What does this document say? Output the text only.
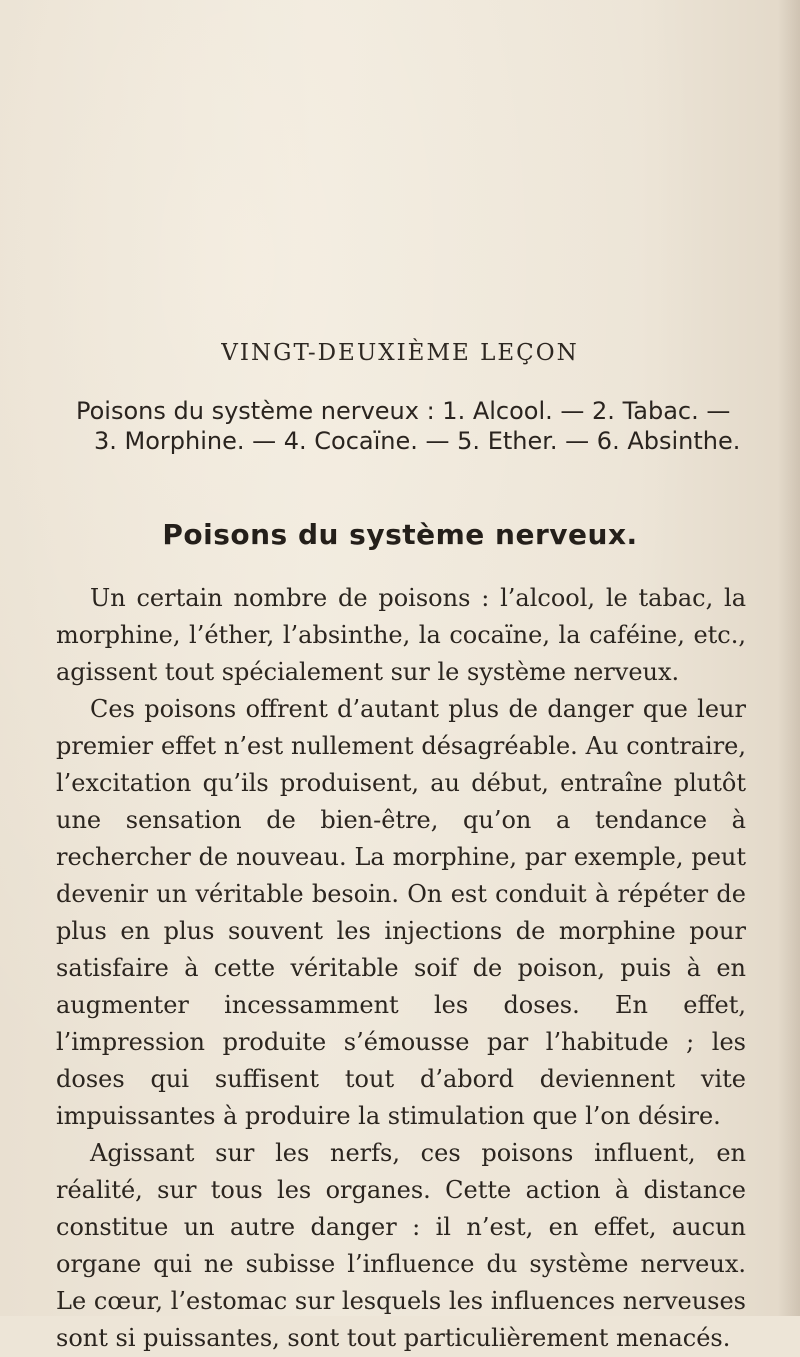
VINGT-DEUXIÈME LEÇON
Poisons du système nerveux : 1. Alcool. — 2. Tabac. —
3. Morphine. — 4. Cocaïne. — 5. Ether. — 6. Absinthe.
Poisons du système nerveux.

Un certain nombre de poisons : l’alcool, le tabac, la morphine, l’éther, l’absinthe, la cocaïne, la caféine, etc., agissent tout spécialement sur le système nerveux.

Ces poisons offrent d’autant plus de danger que leur premier effet n’est nullement désagréable. Au contraire, l’excitation qu’ils produisent, au début, entraîne plutôt une sensation de bien-être, qu’on a tendance à rechercher de nouveau. La morphine, par exemple, peut devenir un véritable besoin. On est conduit à répéter de plus en plus souvent les injections de morphine pour satisfaire à cette véritable soif de poison, puis à en augmenter incessamment les doses. En effet, l’impression produite s’émousse par l’habitude ; les doses qui suffisent tout d’abord deviennent vite impuissantes à produire la stimulation que l’on désire.

Agissant sur les nerfs, ces poisons influent, en réalité, sur tous les organes. Cette action à distance constitue un autre danger : il n’est, en effet, aucun organe qui ne subisse l’influence du système nerveux. Le cœur, l’estomac sur lesquels les influences nerveuses sont si puissantes, sont tout particulièrement menacés.
